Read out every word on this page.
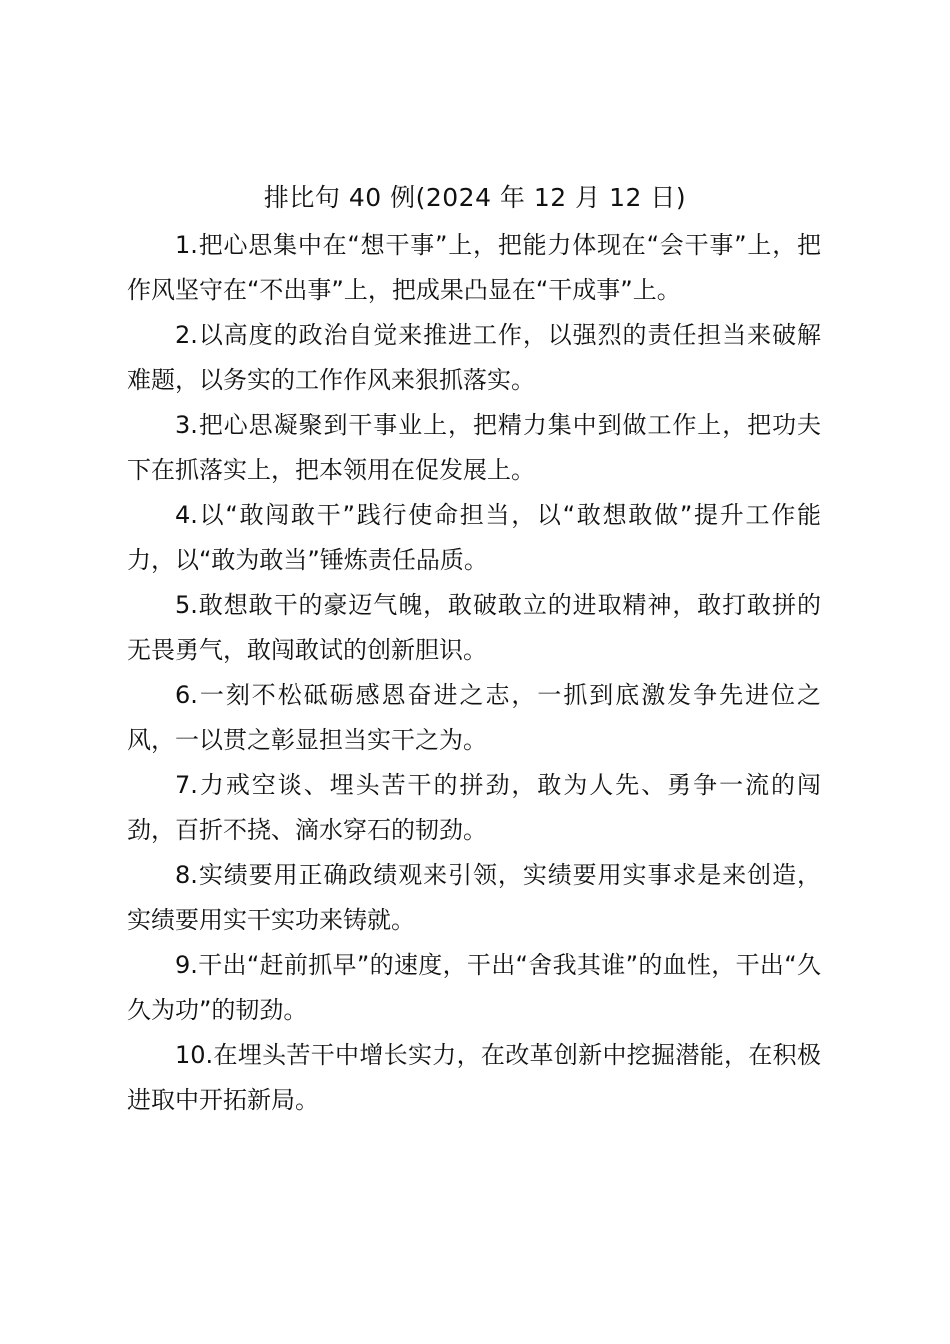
排比句 40 例(2024 年 12 月 12 日)

1.把心思集中在“想干事”上，把能力体现在“会干事”上，把作风坚守在“不出事”上，把成果凸显在“干成事”上。

2.以高度的政治自觉来推进工作，以强烈的责任担当来破解难题，以务实的工作作风来狠抓落实。

3.把心思凝聚到干事业上，把精力集中到做工作上，把功夫下在抓落实上，把本领用在促发展上。

4.以“敢闯敢干”践行使命担当，以“敢想敢做”提升工作能力，以“敢为敢当”锤炼责任品质。

5.敢想敢干的豪迈气魄，敢破敢立的进取精神，敢打敢拼的无畏勇气，敢闯敢试的创新胆识。

6.一刻不松砥砺感恩奋进之志，一抓到底激发争先进位之风，一以贯之彰显担当实干之为。

7.力戒空谈、埋头苦干的拼劲，敢为人先、勇争一流的闯劲，百折不挠、滴水穿石的韧劲。

8.实绩要用正确政绩观来引领，实绩要用实事求是来创造，实绩要用实干实功来铸就。

9.干出“赶前抓早”的速度，干出“舍我其谁”的血性，干出“久久为功”的韧劲。

10.在埋头苦干中增长实力，在改革创新中挖掘潜能，在积极进取中开拓新局。
